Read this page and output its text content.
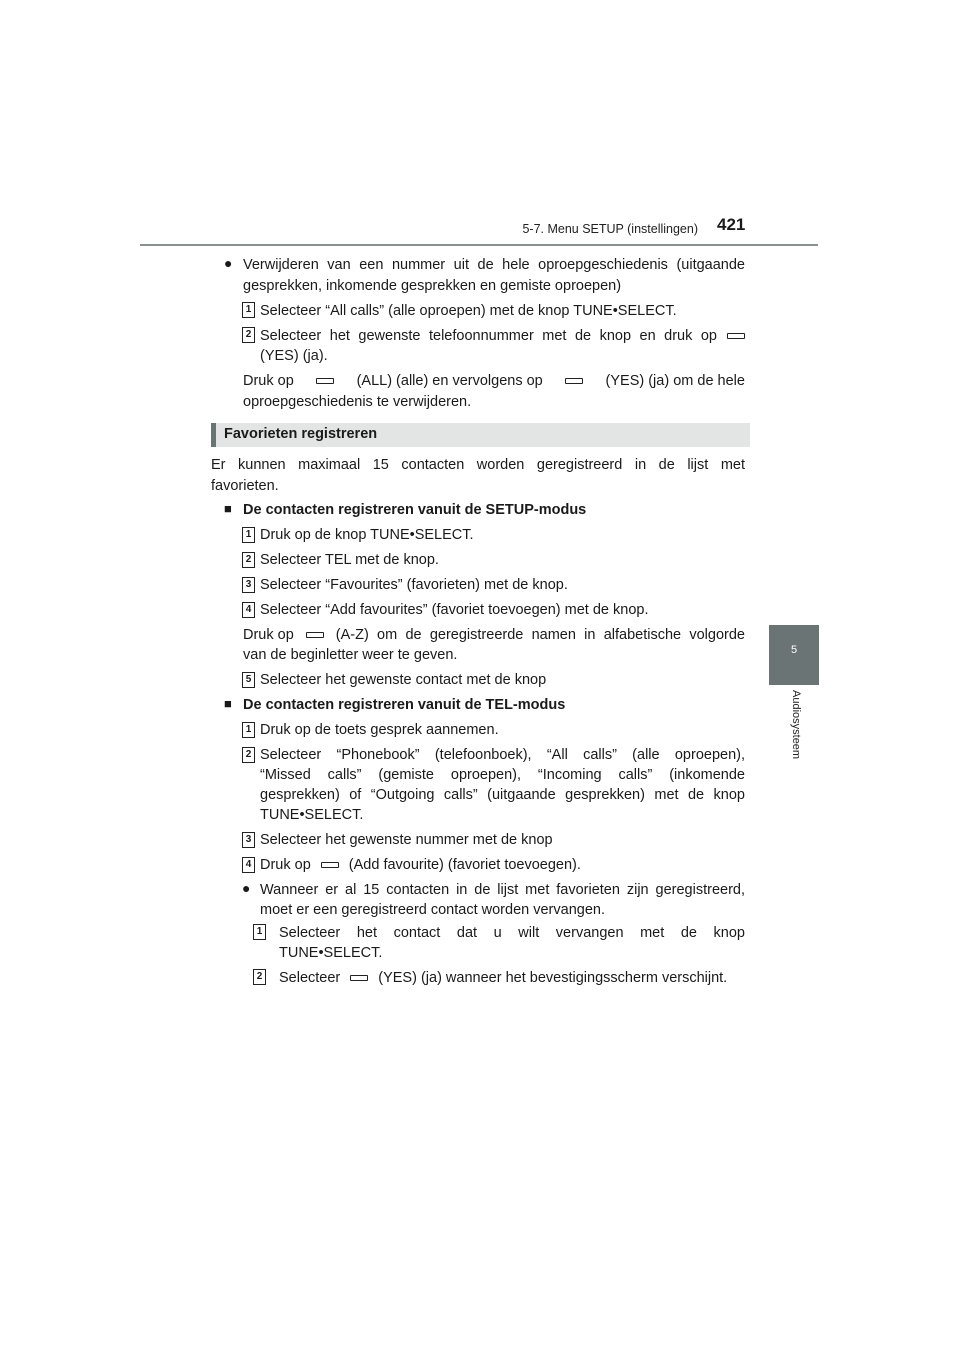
5-7. Menu SETUP (instellingen) 421
5
Audiosysteem
● Verwijderen van een nummer uit de hele oproepgeschiedenis (uitgaande
gesprekken, inkomende gesprekken en gemiste oproepen)
1 Selecteer “All calls” (alle oproepen) met de knop TUNE•SELECT.
2 Selecteer het gewenste telefoonnummer met de knop en druk op
(YES) (ja).
Druk op	(ALL) (alle) en vervolgens op	(YES) (ja) om de hele
oproepgeschiedenis te verwijderen.
Favorieten registreren
Er kunnen maximaal 15 contacten worden geregistreerd in de lijst met
favorieten.
■ De contacten registreren vanuit de SETUP-modus
1 Druk op de knop TUNE•SELECT.
2 Selecteer TEL met de knop.
3 Selecteer “Favourites” (favorieten) met de knop.
4 Selecteer “Add favourites” (favoriet toevoegen) met de knop.
Druk op	(A-Z) om de geregistreerde namen in alfabetische volgorde
van de beginletter weer te geven.
5 Selecteer het gewenste contact met de knop
■ De contacten registreren vanuit de TEL-modus
1 Druk op de toets gesprek aannemen.
2 Selecteer “Phonebook” (telefoonboek), “All calls” (alle oproepen),
“Missed calls” (gemiste oproepen), “Incoming calls” (inkomende
gesprekken) of “Outgoing calls” (uitgaande gesprekken) met de knop
TUNE•SELECT.
3 Selecteer het gewenste nummer met de knop
4 Druk op	(Add favourite) (favoriet toevoegen).
● Wanneer er al 15 contacten in de lijst met favorieten zijn geregistreerd,
moet er een geregistreerd contact worden vervangen.
1 Selecteer het contact dat u wilt vervangen met de knop
TUNE•SELECT.
2 Selecteer	(YES) (ja) wanneer het bevestigingsscherm verschijnt.
